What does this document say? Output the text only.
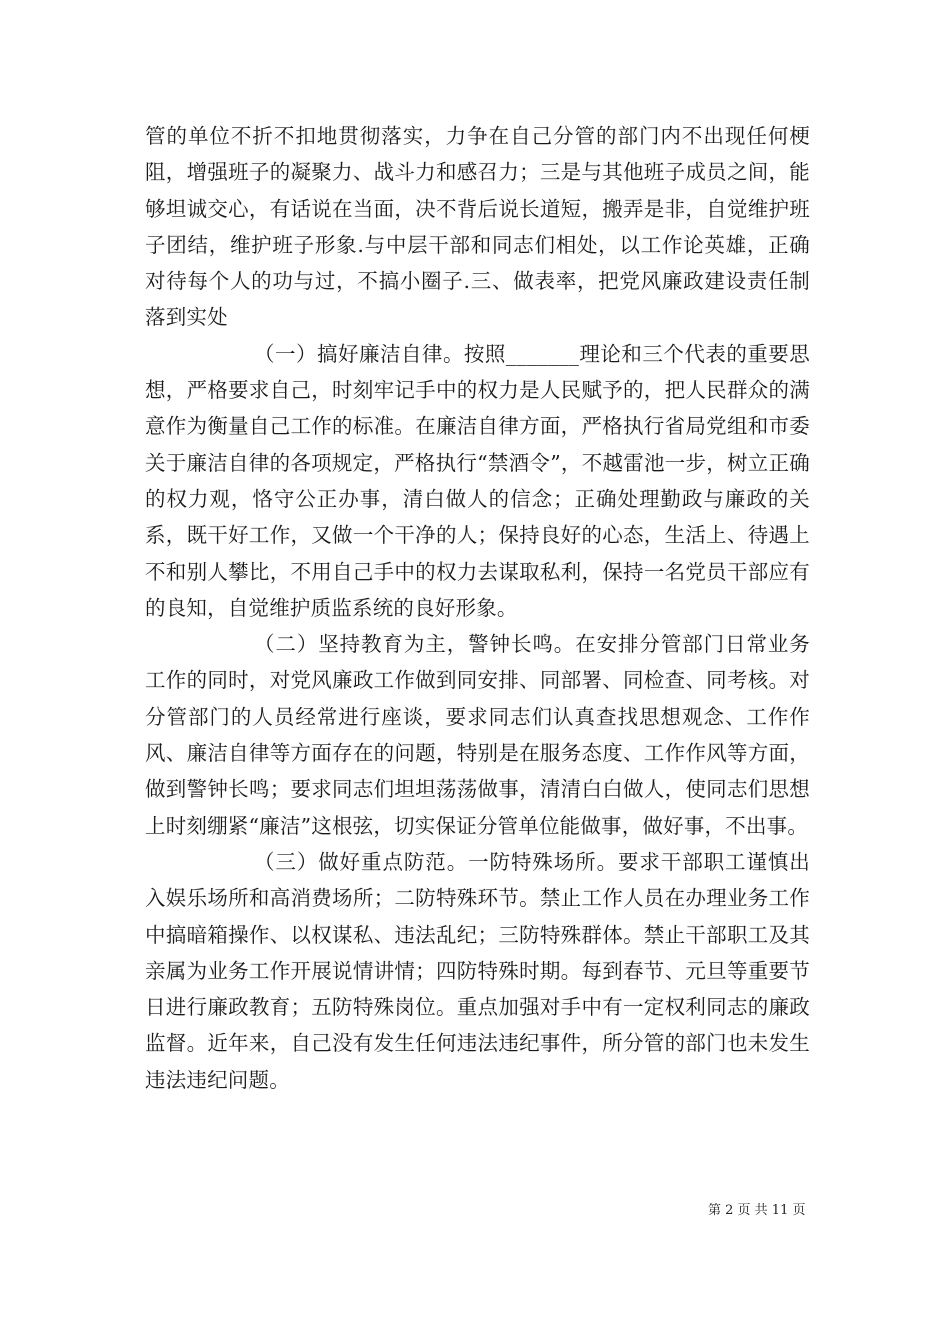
管的单位不折不扣地贯彻落实，力争在自己分管的部门内不出现任何梗阻，增强班子的凝聚力、战斗力和感召力；三是与其他班子成员之间，能够坦诚交心，有话说在当面，决不背后说长道短，搬弄是非，自觉维护班子团结，维护班子形象.与中层干部和同志们相处，以工作论英雄，正确对待每个人的功与过，不搞小圈子.三、做表率，把党风廉政建设责任制落到实处

（一）搞好廉洁自律。按照_______理论和三个代表的重要思想，严格要求自己，时刻牢记手中的权力是人民赋予的，把人民群众的满意作为衡量自己工作的标准。在廉洁自律方面，严格执行省局党组和市委关于廉洁自律的各项规定，严格执行“禁酒令”，不越雷池一步，树立正确的权力观，恪守公正办事，清白做人的信念；正确处理勤政与廉政的关系，既干好工作，又做一个干净的人；保持良好的心态，生活上、待遇上不和别人攀比，不用自己手中的权力去谋取私利，保持一名党员干部应有的良知，自觉维护质监系统的良好形象。

（二）坚持教育为主，警钟长鸣。在安排分管部门日常业务工作的同时，对党风廉政工作做到同安排、同部署、同检查、同考核。对分管部门的人员经常进行座谈，要求同志们认真查找思想观念、工作作风、廉洁自律等方面存在的问题，特别是在服务态度、工作作风等方面，做到警钟长鸣；要求同志们坦坦荡荡做事，清清白白做人，使同志们思想上时刻绷紧“廉洁”这根弦，切实保证分管单位能做事，做好事，不出事。

（三）做好重点防范。一防特殊场所。要求干部职工谨慎出入娱乐场所和高消费场所；二防特殊环节。禁止工作人员在办理业务工作中搞暗箱操作、以权谋私、违法乱纪；三防特殊群体。禁止干部职工及其亲属为业务工作开展说情讲情；四防特殊时期。每到春节、元旦等重要节日进行廉政教育；五防特殊岗位。重点加强对手中有一定权利同志的廉政监督。近年来，自己没有发生任何违法违纪事件，所分管的部门也未发生违法违纪问题。

第 2 页 共 11 页
